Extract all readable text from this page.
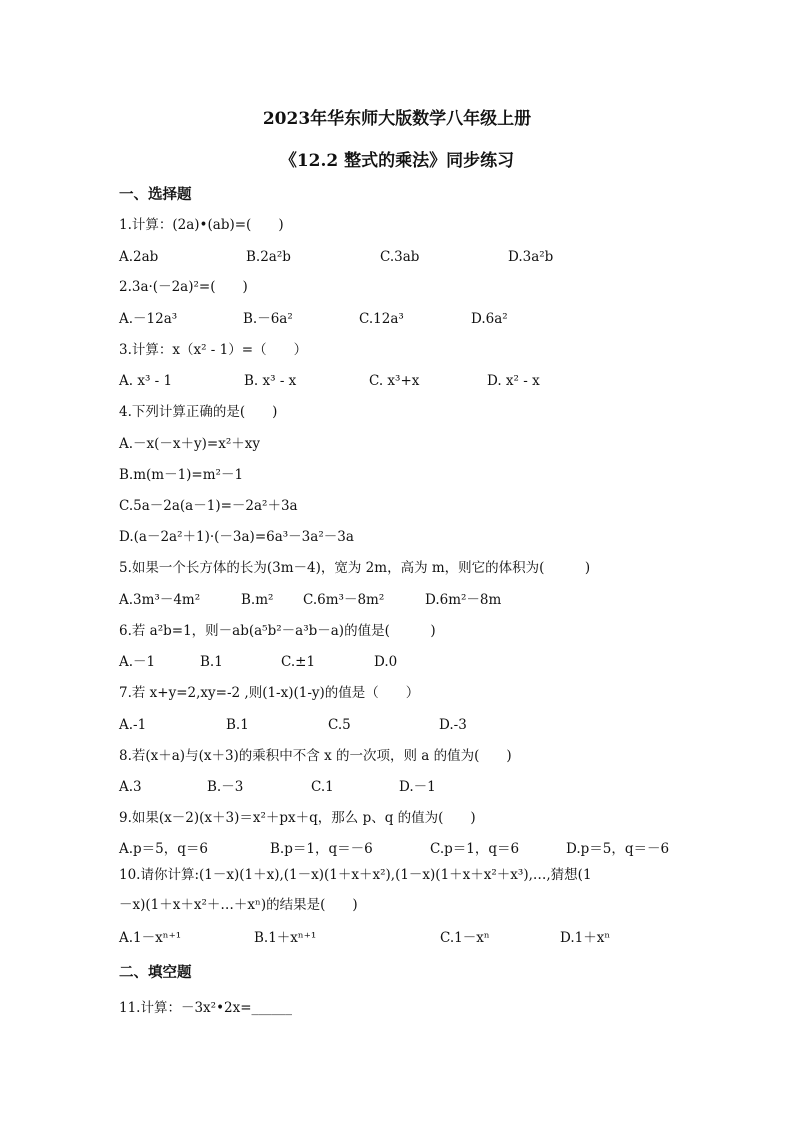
2023年华东师大版数学八年级上册
《12.2 整式的乘法》同步练习
一、选择题
1.计算：(2a)•(ab)=(　　)
A.2ab	B.2a²b	C.3ab	D.3a²b
2.3a·(－2a)²=(　　)
A.－12a³	B.－6a²	C.12a³	D.6a²
3.计算：x（x² - 1）=（　　）
A. x³ - 1	B. x³ - x	C. x³+x	D. x² - x
4.下列计算正确的是(　　)
A.－x(－x＋y)=x²＋xy
B.m(m－1)=m²－1
C.5a－2a(a－1)=－2a²＋3a
D.(a－2a²＋1)·(－3a)=6a³－3a²－3a
5.如果一个长方体的长为(3m－4)，宽为 2m，高为 m，则它的体积为(　　　)
A.3m³－4m²	B.m² C.6m³－8m²	D.6m²－8m
6.若 a²b=1，则－ab(a⁵b²－a³b－a)的值是(　　　)
A.－1	B.1	C.±1	D.0
7.若 x+y=2,xy=-2 ,则(1-x)(1-y)的值是（　　）
A.-1	B.1	C.5	D.-3
8.若(x＋a)与(x＋3)的乘积中不含 x 的一次项，则 a 的值为(　　)
A.3	B.－3	C.1	D.－1
9.如果(x－2)(x＋3)＝x²＋px＋q，那么 p、q 的值为(　　)
A.p＝5，q＝6	B.p＝1，q＝－6	C.p＝1，q＝6	D.p＝5，q＝－6
10.请你计算:(1－x)(1＋x),(1－x)(1＋x＋x²),(1－x)(1＋x＋x²＋x³),…,猜想(1
－x)(1＋x＋x²＋…＋xⁿ)的结果是(　　)
A.1－xⁿ⁺¹	B.1＋xⁿ⁺¹	C.1－xⁿ	D.1＋xⁿ
二、填空题
11.计算：－3x²•2x=______
